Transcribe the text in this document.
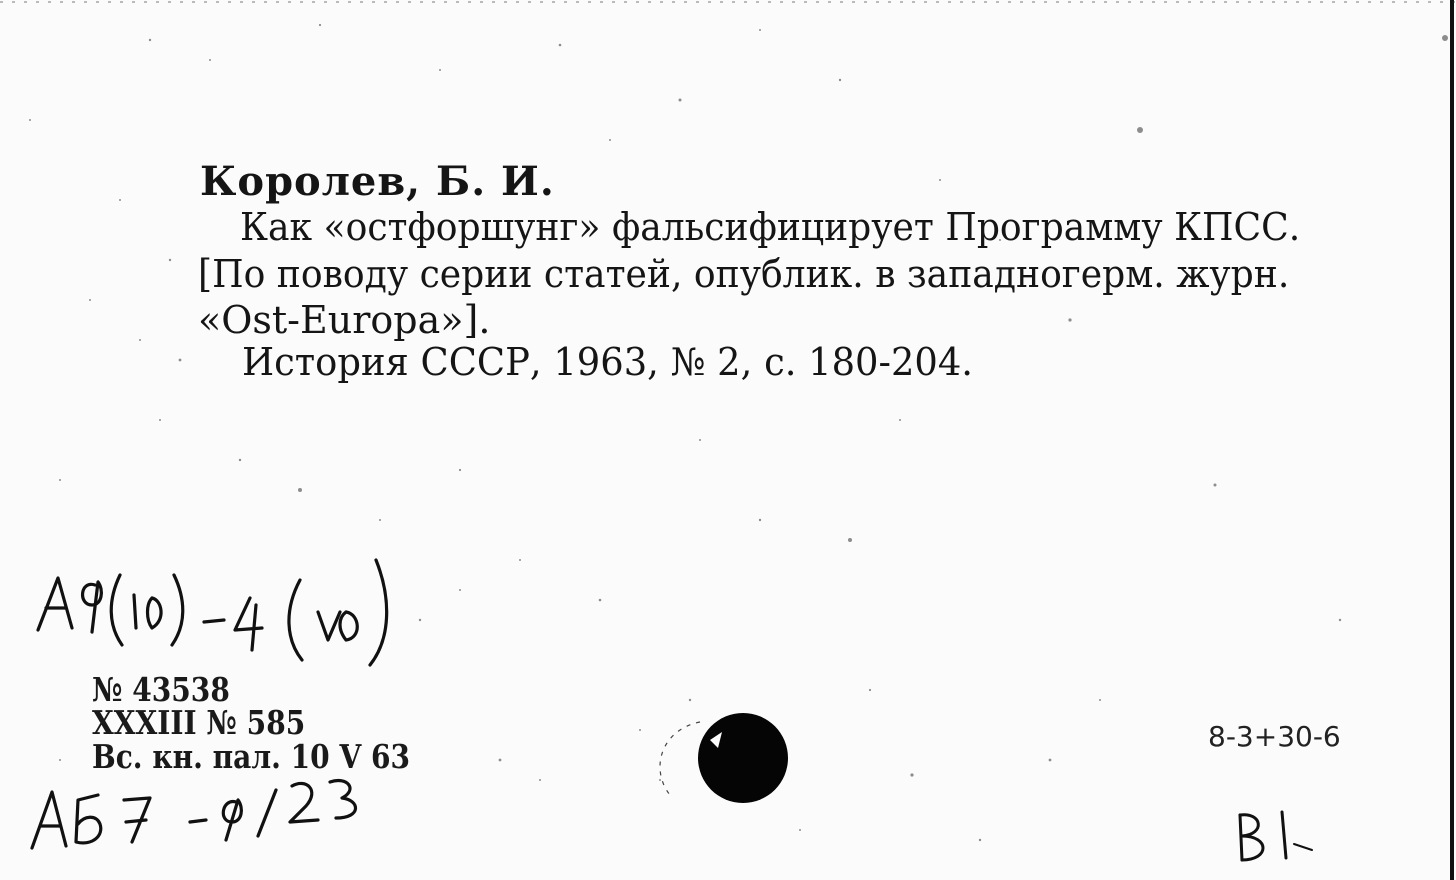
Королев, Б. И.
Как «остфоршунг» фальсифицирует Программу КПСС.
[По поводу серии статей, опублик. в западногерм. журн.
«Ost-Europa»].
История СССР, 1963, № 2, с. 180-204.
№ 43538
XXXIII № 585
Вс. кн. пал. 10 V 63
8-3+30-6
